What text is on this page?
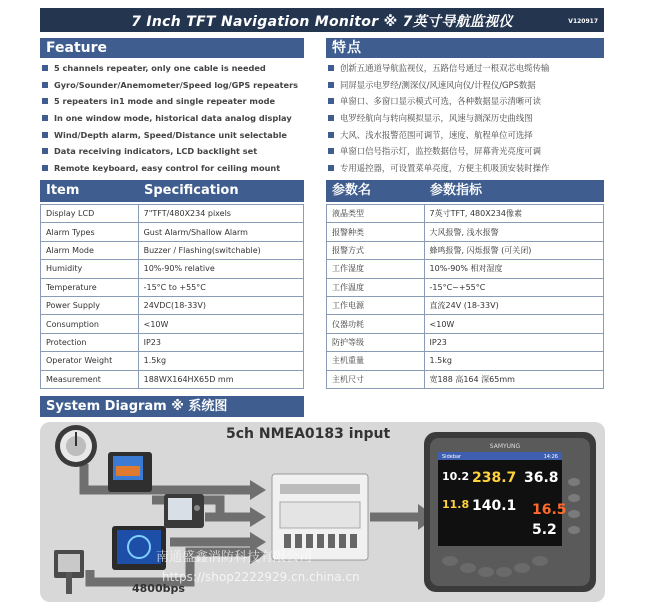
7 Inch TFT Navigation Monitor ※ 7英寸导航监视仪	V120917
Feature
5 channels repeater, only one cable is needed
Gyro/Sounder/Anemometer/Speed log/GPS repeaters
5 repeaters in1 mode and single repeater mode
In one window mode, historical data analog display
Wind/Depth alarm, Speed/Distance unit selectable
Data receiving indicators, LCD backlight set
Remote keyboard, easy control for ceiling mount
特点
创新五通道导航监视仪，五路信号通过一根双芯电缆传输
同屏显示电罗经/测深仪/风速风向仪/计程仪/GPS数据
单窗口、多窗口显示模式可选，各种数据显示清晰可读
电罗经航向与转向模拟显示，风速与测深历史曲线图
大风、浅水报警范围可调节，速度、航程单位可选择
单窗口信号指示灯，监控数据信号，屏幕背光亮度可调
专用遥控器，可设置菜单亮度，方便主机吸顶安装时操作
Item	Specification
Display LCD	7"TFT/480X234 pixels
Alarm Types	Gust Alarm/Shallow Alarm
Alarm Mode	Buzzer / Flashing(switchable)
Humidity	10%-90% relative
Temperature	-15°C to +55°C
Power Supply	24VDC(18-33V)
Consumption	<10W
Protection	IP23
Operator Weight	1.5kg
Measurement	188WX164HX65D mm
参数名	参数指标
液晶类型	7英寸TFT, 480X234像素
报警种类	大风报警, 浅水报警
报警方式	蜂鸣报警, 闪烁报警 (可关闭)
工作湿度	10%-90% 相对湿度
工作温度	-15°C~+55°C
工作电源	直流24V (18-33V)
仪器功耗	<10W
防护等级	IP23
主机重量	1.5kg
主机尺寸	宽188 高164 深65mm
System Diagram ※ 系统图
5ch NMEA0183 input
SAMYUNG
Sidebar	14:26
10.2 238.7 36.8
11.8 140.1 16.5
5.2
4800bps
南通盛鑫消防科技有限公司
https://shop2222929.cn.china.cn
